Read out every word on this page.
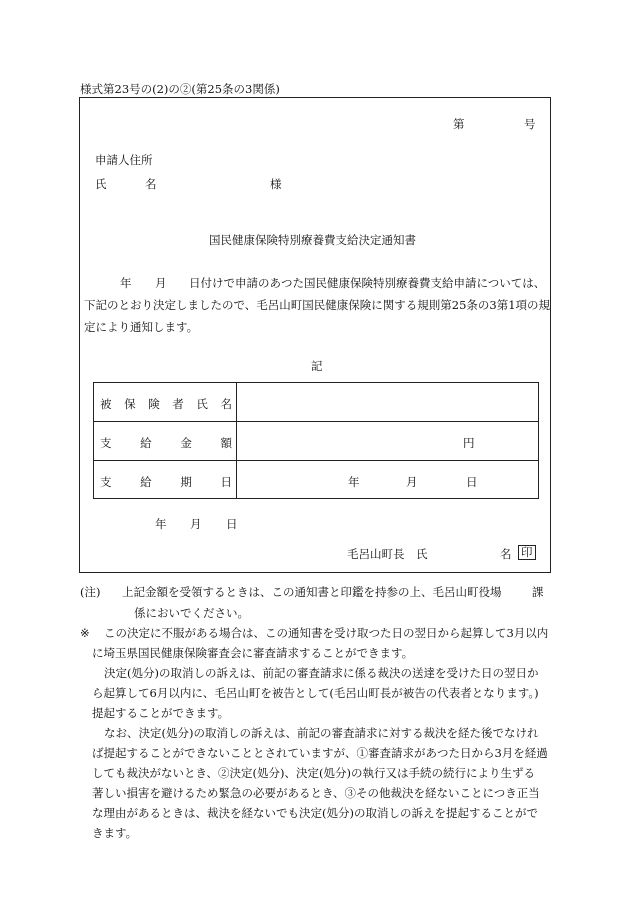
様式第23号の(2)の②(第25条の3関係)
第	号
申請人住所
氏	名	様
国民健康保険特別療養費支給決定通知書
年 月 日付けで申請のあつた国民健康保険特別療養費支給申請については、
下記のとおり決定しましたので、毛呂山町国民健康保険に関する規則第25条の3第1項の規
定により通知します。
記
被 保 険 者 氏 名
支 給 金 額	円
支 給 期 日	年	月	日
年 月 日
毛呂山町長　氏	名 印
(注) 上記金額を受領するときは、この通知書と印鑑を持参の上、毛呂山町役場	課
係においでください。
※ この決定に不服がある場合は、この通知書を受け取つた日の翌日から起算して3月以内
に埼玉県国民健康保険審査会に審査請求することができます。
決定(処分)の取消しの訴えは、前記の審査請求に係る裁決の送達を受けた日の翌日か
ら起算して6月以内に、毛呂山町を被告として(毛呂山町長が被告の代表者となります。)
提起することができます。
なお、決定(処分)の取消しの訴えは、前記の審査請求に対する裁決を経た後でなけれ
ば提起することができないこととされていますが、①審査請求があつた日から3月を経過
しても裁決がないとき、②決定(処分)、決定(処分)の執行又は手続の続行により生ずる
著しい損害を避けるため緊急の必要があるとき、③その他裁決を経ないことにつき正当
な理由があるときは、裁決を経ないでも決定(処分)の取消しの訴えを提起することがで
きます。
